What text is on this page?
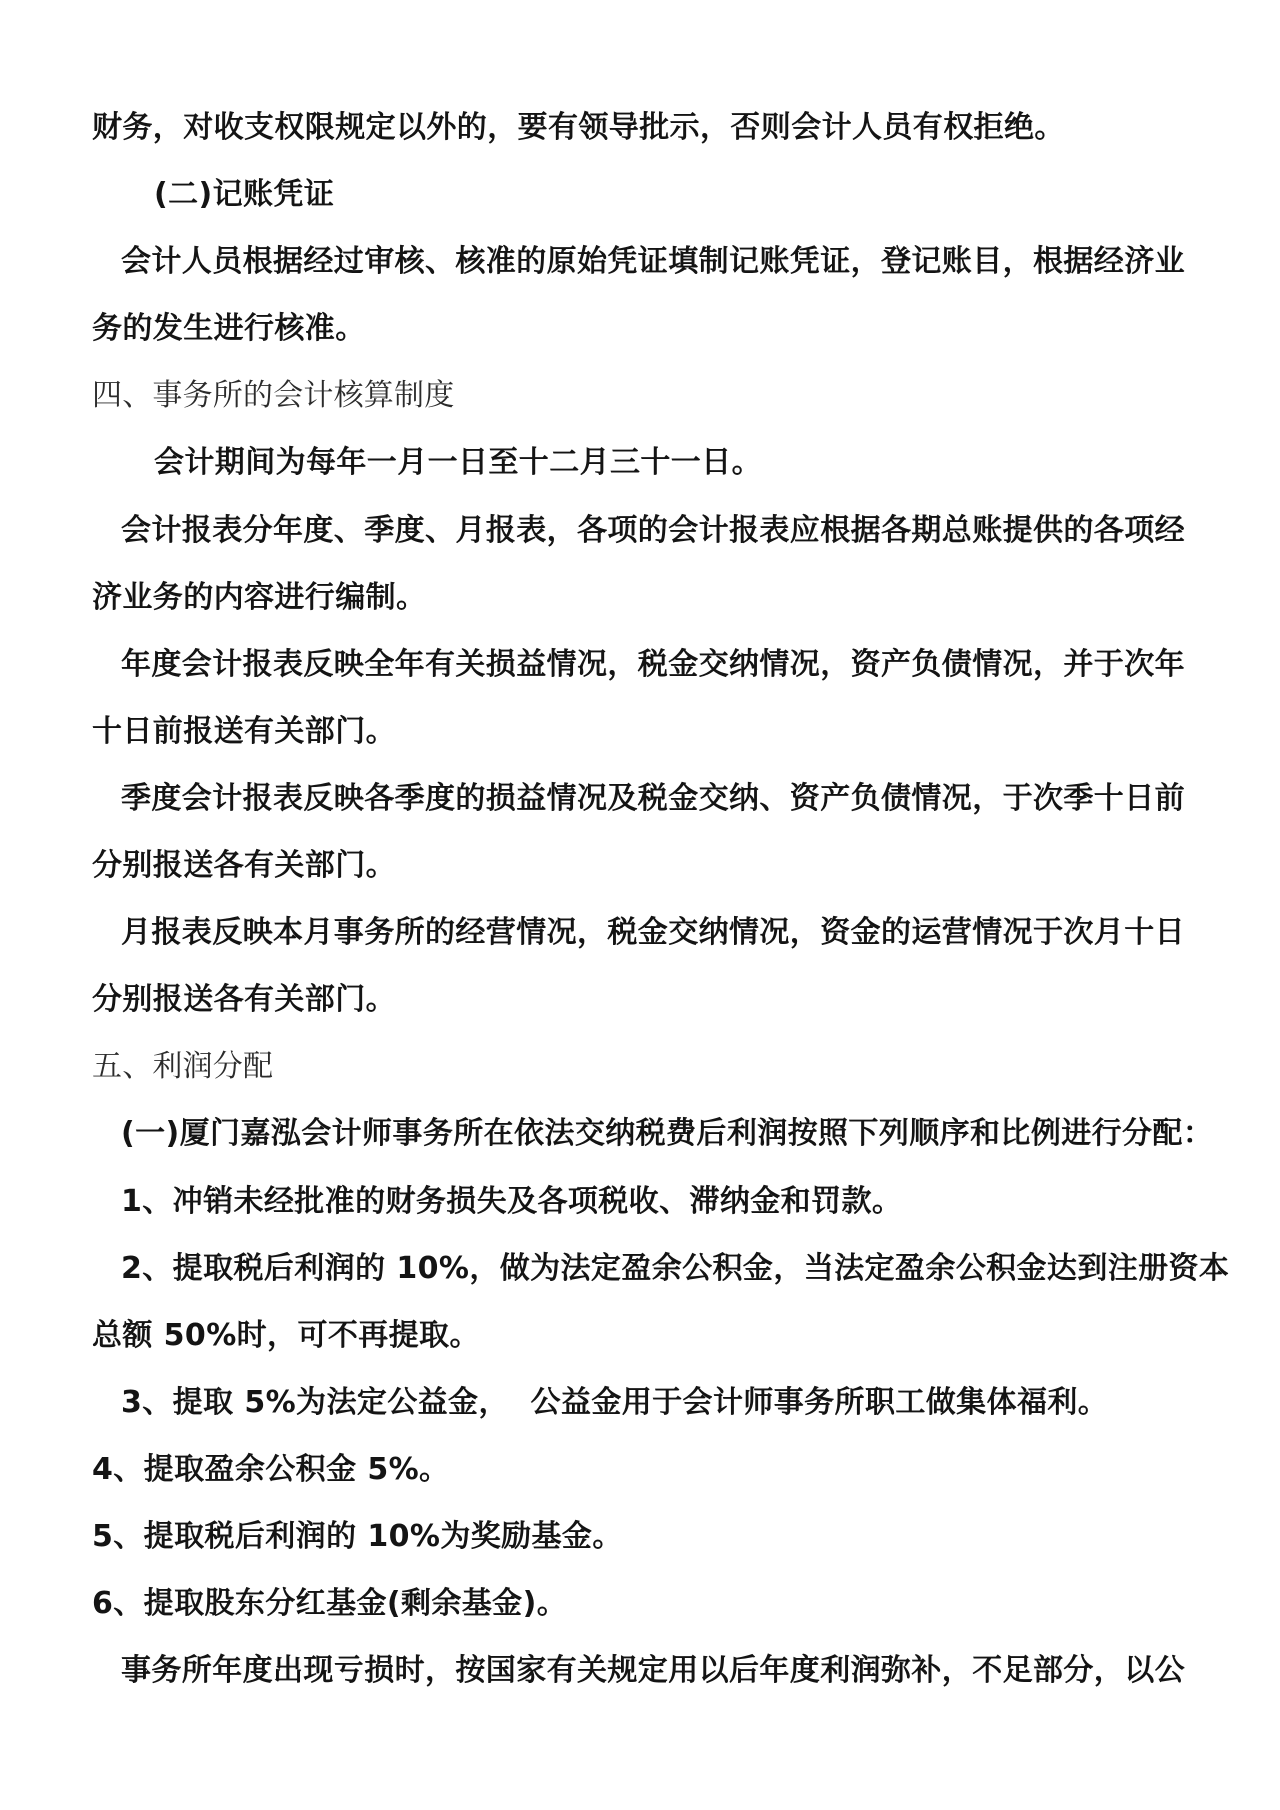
财务，对收支权限规定以外的，要有领导批示，否则会计人员有权拒绝。
(二)记账凭证
会计人员根据经过审核、核准的原始凭证填制记账凭证，登记账目，根据经济业
务的发生进行核准。
四、事务所的会计核算制度
会计期间为每年一月一日至十二月三十一日。
会计报表分年度、季度、月报表，各项的会计报表应根据各期总账提供的各项经
济业务的内容进行编制。
年度会计报表反映全年有关损益情况，税金交纳情况，资产负债情况，并于次年
十日前报送有关部门。
季度会计报表反映各季度的损益情况及税金交纳、资产负债情况，于次季十日前
分别报送各有关部门。
月报表反映本月事务所的经营情况，税金交纳情况，资金的运营情况于次月十日
分别报送各有关部门。
五、利润分配
(一)厦门嘉泓会计师事务所在依法交纳税费后利润按照下列顺序和比例进行分配：
1、冲销未经批准的财务损失及各项税收、滞纳金和罚款。
2、提取税后利润的 10%，做为法定盈余公积金，当法定盈余公积金达到注册资本
总额 50%时，可不再提取。
3、提取 5%为法定公益金，  公益金用于会计师事务所职工做集体福利。
4、提取盈余公积金 5%。
5、提取税后利润的 10%为奖励基金。
6、提取股东分红基金(剩余基金)。
事务所年度出现亏损时，按国家有关规定用以后年度利润弥补，不足部分，以公
